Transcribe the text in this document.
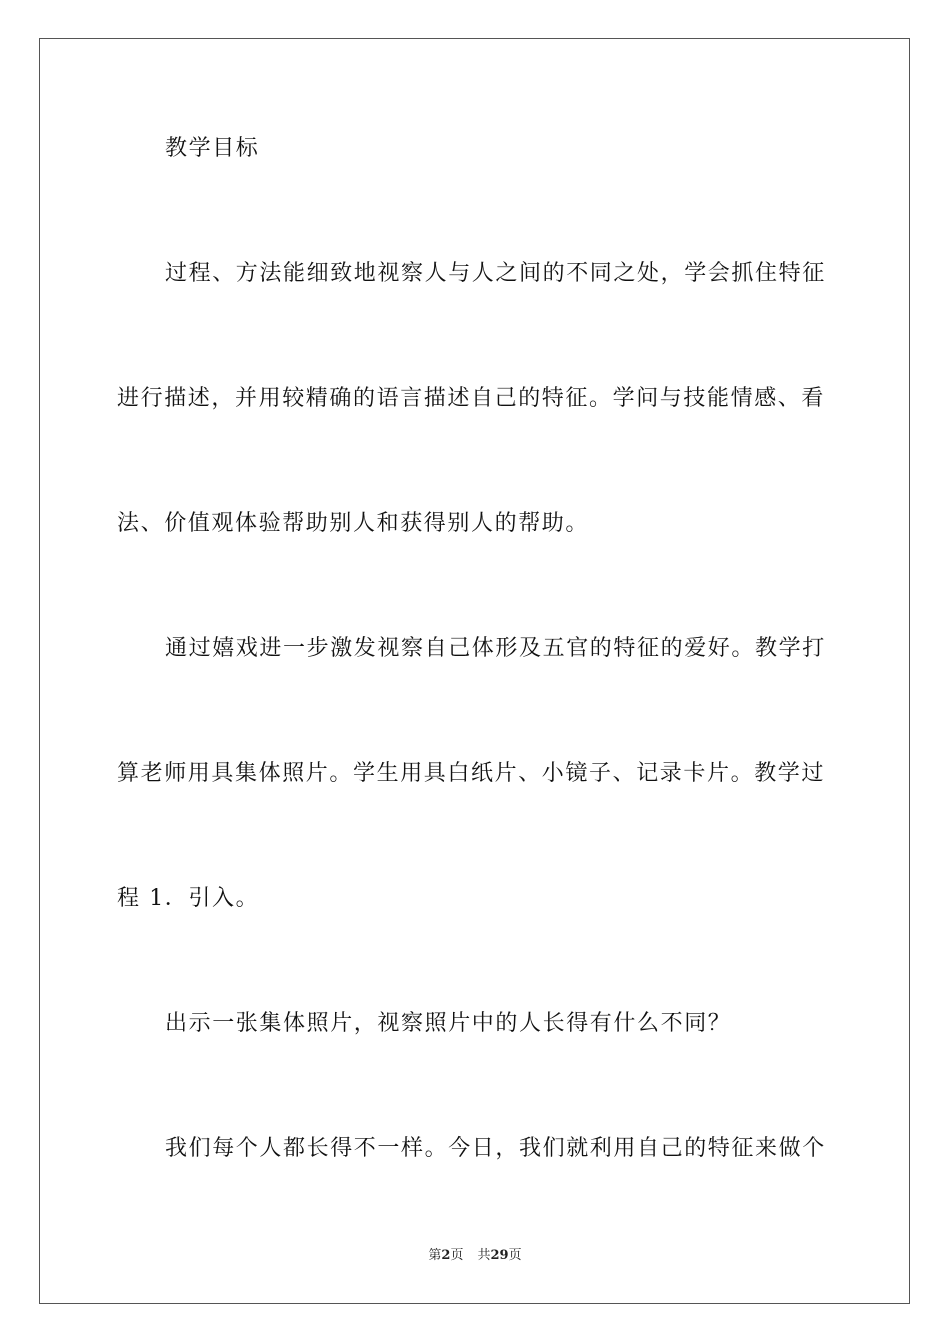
教学目标
过程、方法能细致地视察人与人之间的不同之处，学会抓住特征
进行描述，并用较精确的语言描述自己的特征。学问与技能情感、看
法、价值观体验帮助别人和获得别人的帮助。
通过嬉戏进一步激发视察自己体形及五官的特征的爱好。教学打
算老师用具集体照片。学生用具白纸片、小镜子、记录卡片。教学过
程 1．引入。
出示一张集体照片，视察照片中的人长得有什么不同？
我们每个人都长得不一样。今日，我们就利用自己的特征来做个
第2页 共29页
